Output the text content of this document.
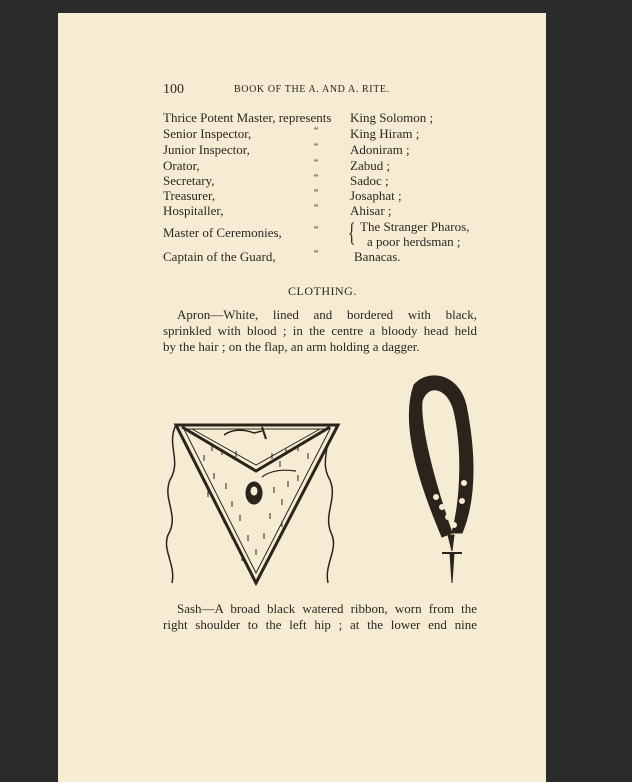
100	BOOK OF THE A. AND A. RITE.
Thrice Potent Master, represents King Solomon ;
Senior Inspector,	“ King Hiram ;
Junior Inspector,	“ Adoniram ;
Orator,	“ Zabud ;
Secretary,	“ Sadoc ;
Treasurer,	“ Josaphat ;
Hospitaller,	“ Ahisar ;
Master of Ceremonies,	“ { The Stranger Pharos,
a poor herdsman ;
Captain of the Guard,	“	Banacas.
CLOTHING.
Apron—White, lined and bordered with black,
sprinkled with blood ; in the centre a bloody head held
by the hair ; on the flap, an arm holding a dagger.
Sash—A broad black watered ribbon, worn from the
right shoulder to the left hip ; at the lower end nine
